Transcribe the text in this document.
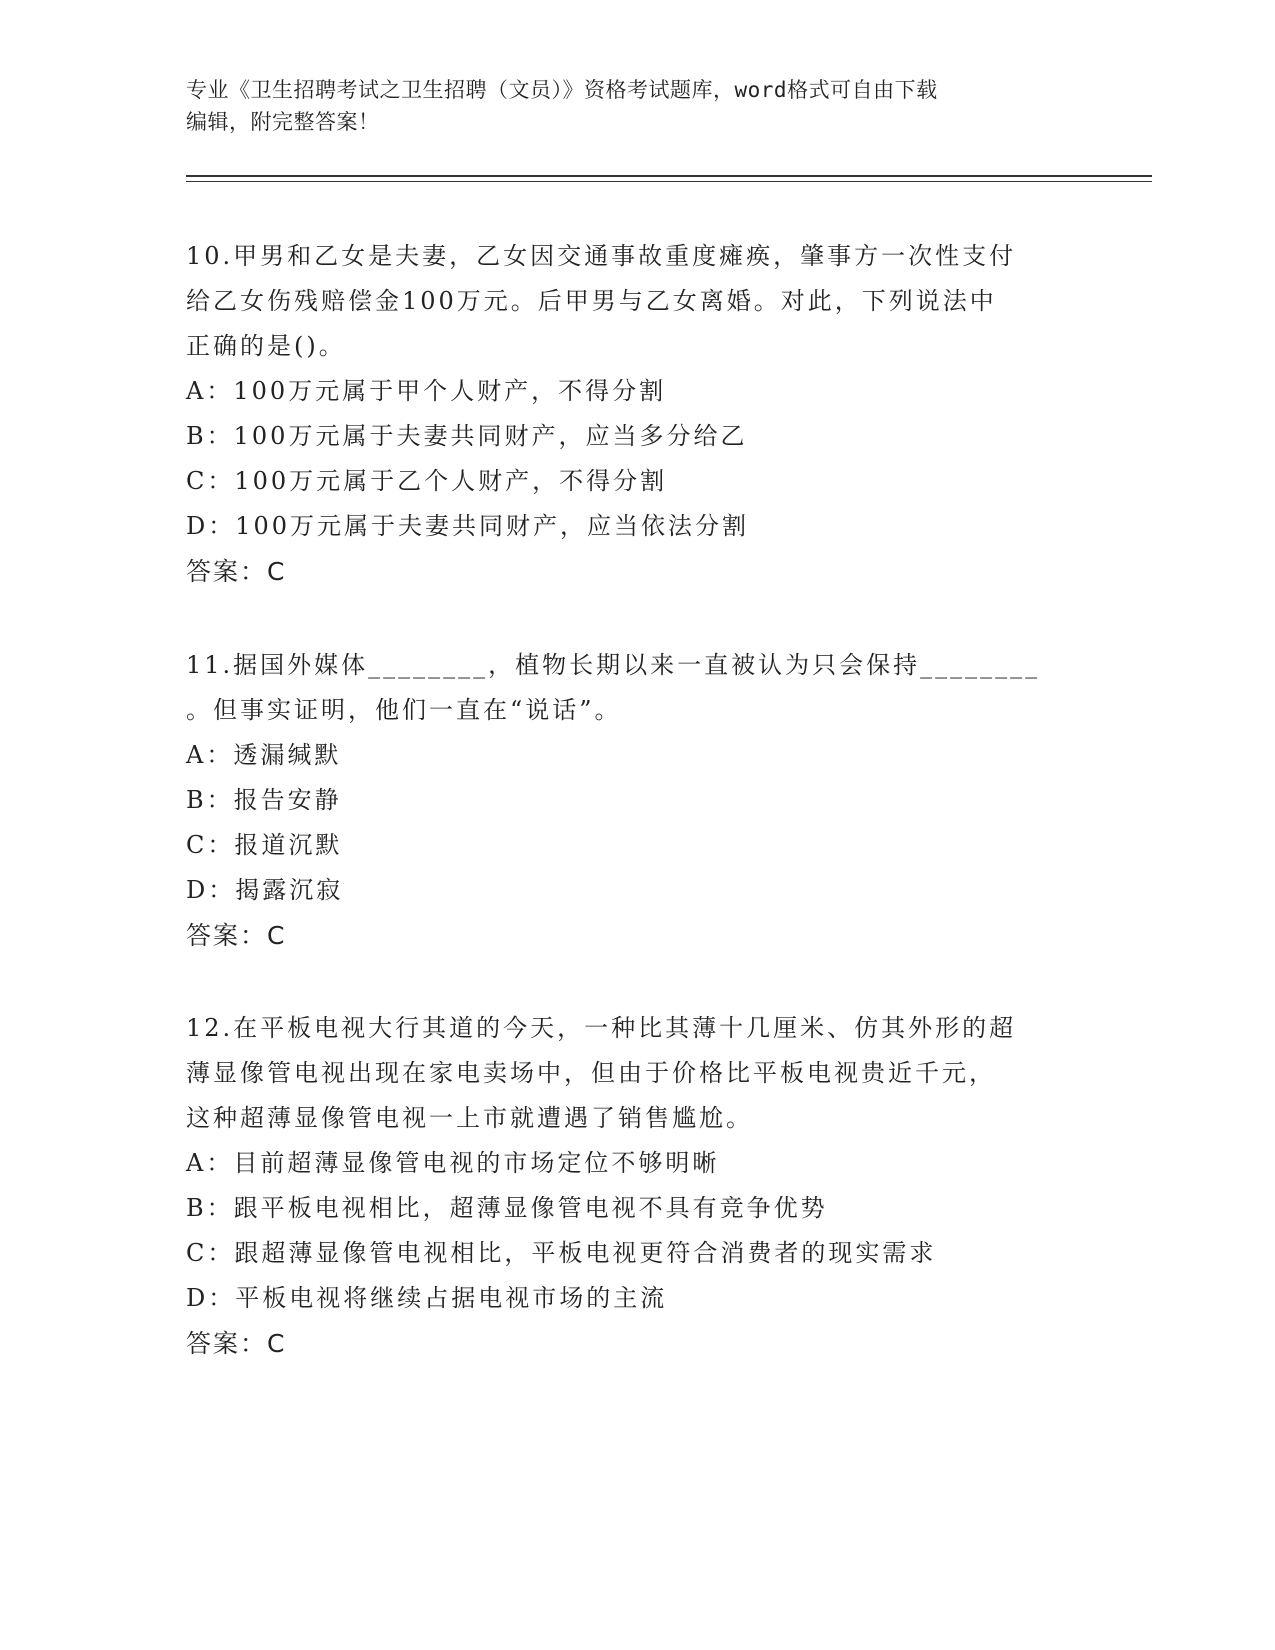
专业《卫生招聘考试之卫生招聘（文员）》资格考试题库，word格式可自由下载
编辑，附完整答案！

10.甲男和乙女是夫妻，乙女因交通事故重度瘫痪，肇事方一次性支付

给乙女伤残赔偿金100万元。后甲男与乙女离婚。对此，下列说法中

正确的是()。

A：100万元属于甲个人财产，不得分割

B：100万元属于夫妻共同财产，应当多分给乙

C：100万元属于乙个人财产，不得分割

D：100万元属于夫妻共同财产，应当依法分割

答案：C

11.据国外媒体________，植物长期以来一直被认为只会保持________

。但事实证明，他们一直在“说话”。

A：透漏缄默

B：报告安静

C：报道沉默

D：揭露沉寂

答案：C

12.在平板电视大行其道的今天，一种比其薄十几厘米、仿其外形的超

薄显像管电视出现在家电卖场中，但由于价格比平板电视贵近千元，

这种超薄显像管电视一上市就遭遇了销售尴尬。

A：目前超薄显像管电视的市场定位不够明晰

B：跟平板电视相比，超薄显像管电视不具有竞争优势

C：跟超薄显像管电视相比，平板电视更符合消费者的现实需求

D：平板电视将继续占据电视市场的主流

答案：C
